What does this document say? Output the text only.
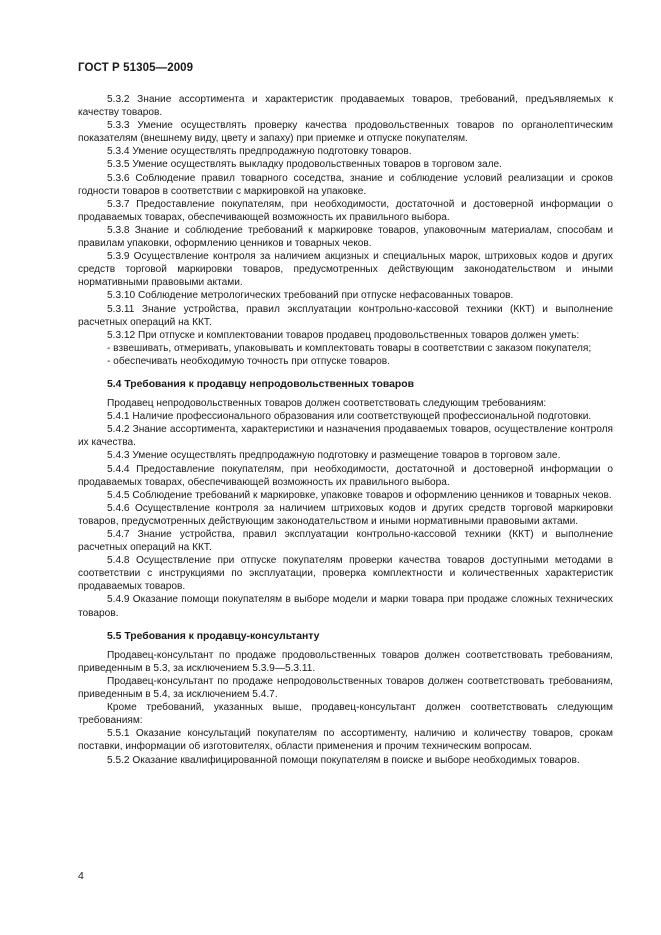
ГОСТ Р 51305—2009

5.3.2 Знание ассортимента и характеристик продаваемых товаров, требований, предъявляемых к качеству товаров.

5.3.3 Умение осуществлять проверку качества продовольственных товаров по органолептическим показателям (внешнему виду, цвету и запаху) при приемке и отпуске покупателям.

5.3.4 Умение осуществлять предпродажную подготовку товаров.

5.3.5 Умение осуществлять выкладку продовольственных товаров в торговом зале.

5.3.6 Соблюдение правил товарного соседства, знание и соблюдение условий реализации и сроков годности товаров в соответствии с маркировкой на упаковке.

5.3.7 Предоставление покупателям, при необходимости, достаточной и достоверной информации о продаваемых товарах, обеспечивающей возможность их правильного выбора.

5.3.8 Знание и соблюдение требований к маркировке товаров, упаковочным материалам, способам и правилам упаковки, оформлению ценников и товарных чеков.

5.3.9 Осуществление контроля за наличием акцизных и специальных марок, штриховых кодов и других средств торговой маркировки товаров, предусмотренных действующим законодательством и иными нормативными правовыми актами.

5.3.10 Соблюдение метрологических требований при отпуске нефасованных товаров.

5.3.11 Знание устройства, правил эксплуатации контрольно-кассовой техники (ККТ) и выполнение расчетных операций на ККТ.

5.3.12 При отпуске и комплектовании товаров продавец продовольственных товаров должен уметь:

- взвешивать, отмеривать, упаковывать и комплектовать товары в соответствии с заказом покупателя;

- обеспечивать необходимую точность при отпуске товаров.

5.4 Требования к продавцу непродовольственных товаров

Продавец непродовольственных товаров должен соответствовать следующим требованиям:

5.4.1 Наличие профессионального образования или соответствующей профессиональной подготовки.

5.4.2 Знание ассортимента, характеристики и назначения продаваемых товаров, осуществление контроля их качества.

5.4.3 Умение осуществлять предпродажную подготовку и размещение товаров в торговом зале.

5.4.4 Предоставление покупателям, при необходимости, достаточной и достоверной информации о продаваемых товарах, обеспечивающей возможность их правильного выбора.

5.4.5 Соблюдение требований к маркировке, упаковке товаров и оформлению ценников и товарных чеков.

5.4.6 Осуществление контроля за наличием штриховых кодов и других средств торговой маркировки товаров, предусмотренных действующим законодательством и иными нормативными правовыми актами.

5.4.7 Знание устройства, правил эксплуатации контрольно-кассовой техники (ККТ) и выполнение расчетных операций на ККТ.

5.4.8 Осуществление при отпуске покупателям проверки качества товаров доступными методами в соответствии с инструкциями по эксплуатации, проверка комплектности и количественных характеристик продаваемых товаров.

5.4.9 Оказание помощи покупателям в выборе модели и марки товара при продаже сложных технических товаров.

5.5 Требования к продавцу-консультанту

Продавец-консультант по продаже продовольственных товаров должен соответствовать требованиям, приведенным в 5.3, за исключением 5.3.9—5.3.11.

Продавец-консультант по продаже непродовольственных товаров должен соответствовать требованиям, приведенным в 5.4, за исключением 5.4.7.

Кроме требований, указанных выше, продавец-консультант должен соответствовать следующим требованиям:

5.5.1 Оказание консультаций покупателям по ассортименту, наличию и количеству товаров, срокам поставки, информации об изготовителях, области применения и прочим техническим вопросам.

5.5.2 Оказание квалифицированной помощи покупателям в поиске и выборе необходимых товаров.

4
